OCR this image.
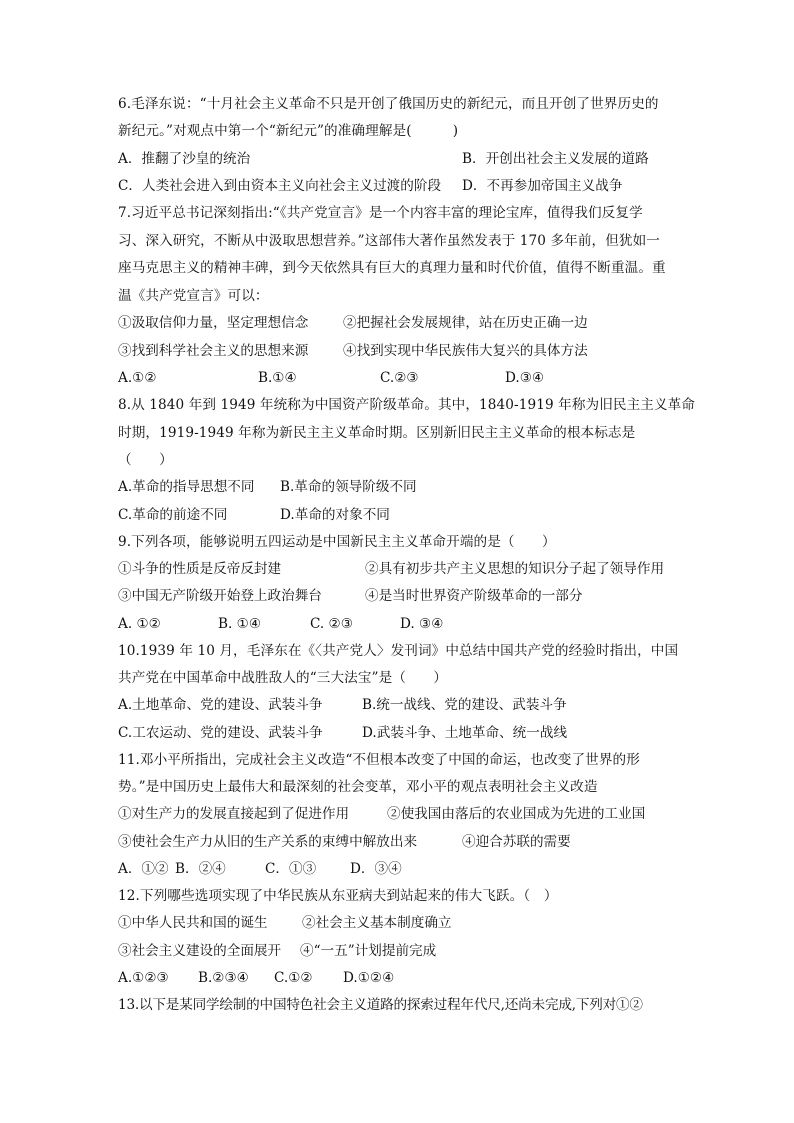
6.毛泽东说：“十月社会主义革命不只是开创了俄国历史的新纪元，而且开创了世界历史的
新纪元。”对观点中第一个“新纪元”的准确理解是(　　　)
A．推翻了沙皇的统治	B．开创出社会主义发展的道路
C．人类社会进入到由资本主义向社会主义过渡的阶段 D．不再参加帝国主义战争
7.习近平总书记深刻指出:“《共产党宣言》是一个内容丰富的理论宝库，值得我们反复学
习、深入研究，不断从中汲取思想营养。”这部伟大著作虽然发表于 170 多年前，但犹如一
座马克思主义的精神丰碑，到今天依然具有巨大的真理力量和时代价值，值得不断重温。重
温《共产党宣言》可以：
①汲取信仰力量，坚定理想信念	②把握社会发展规律，站在历史正确一边
③找到科学社会主义的思想来源	④找到实现中华民族伟大复兴的具体方法
A.①②	B.①④	C.②③	D.③④
8.从 1840 年到 1949 年统称为中国资产阶级革命。其中，1840-1919 年称为旧民主主义革命
时期，1919-1949 年称为新民主主义革命时期。区别新旧民主主义革命的根本标志是
（　　）
A.革命的指导思想不同 B.革命的领导阶级不同
C.革命的前途不同	D.革命的对象不同
9.下列各项，能够说明五四运动是中国新民主主义革命开端的是（　　）
①斗争的性质是反帝反封建	②具有初步共产主义思想的知识分子起了领导作用
③中国无产阶级开始登上政治舞台	④是当时世界资产阶级革命的一部分
A. ①②	B. ①④	C. ②③	D. ③④
10.1939 年 10 月，毛泽东在《〈共产党人〉发刊词》中总结中国共产党的经验时指出，中国
共产党在中国革命中战胜敌人的“三大法宝”是（　　）
A.土地革命、党的建设、武装斗争	B.统一战线、党的建设、武装斗争
C.工农运动、党的建设、武装斗争	D.武装斗争、土地革命、统一战线
11.邓小平所指出，完成社会主义改造“不但根本改变了中国的命运，也改变了世界的形
势。”是中国历史上最伟大和最深刻的社会变革，邓小平的观点表明社会主义改造
①对生产力的发展直接起到了促进作用	②使我国由落后的农业国成为先进的工业国
③使社会生产力从旧的生产关系的束缚中解放出来	④迎合苏联的需要
A．①② B．②④	C．①③ D．③④
12.下列哪些选项实现了中华民族从东亚病夫到站起来的伟大飞跃。（　）
①中华人民共和国的诞生	②社会主义基本制度确立
③社会主义建设的全面展开 ④“一五”计划提前完成
A.①②③ B.②③④ C.①② D.①②④
13.以下是某同学绘制的中国特色社会主义道路的探索过程年代尺,还尚未完成,下列对①②
